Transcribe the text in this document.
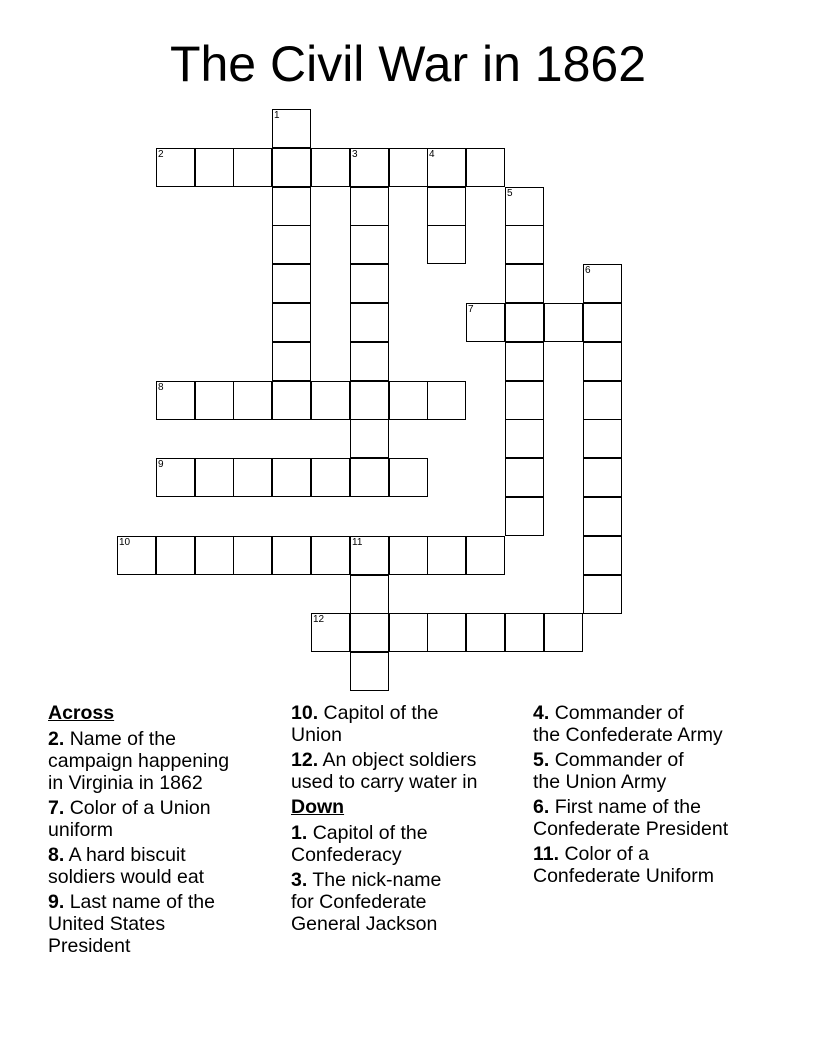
The Civil War in 1862
1
2	3	4
5
6
7
8
9
10	11
12
Across
2. Name of the
campaign happening
in Virginia in 1862
7. Color of a Union
uniform
8. A hard biscuit
soldiers would eat
9. Last name of the
United States
President
10. Capitol of the
Union
12. An object soldiers
used to carry water in
Down
1. Capitol of the
Confederacy
3. The nick-name
for Confederate
General Jackson
4. Commander of
the Confederate Army
5. Commander of
the Union Army
6. First name of the
Confederate President
11. Color of a
Confederate Uniform
